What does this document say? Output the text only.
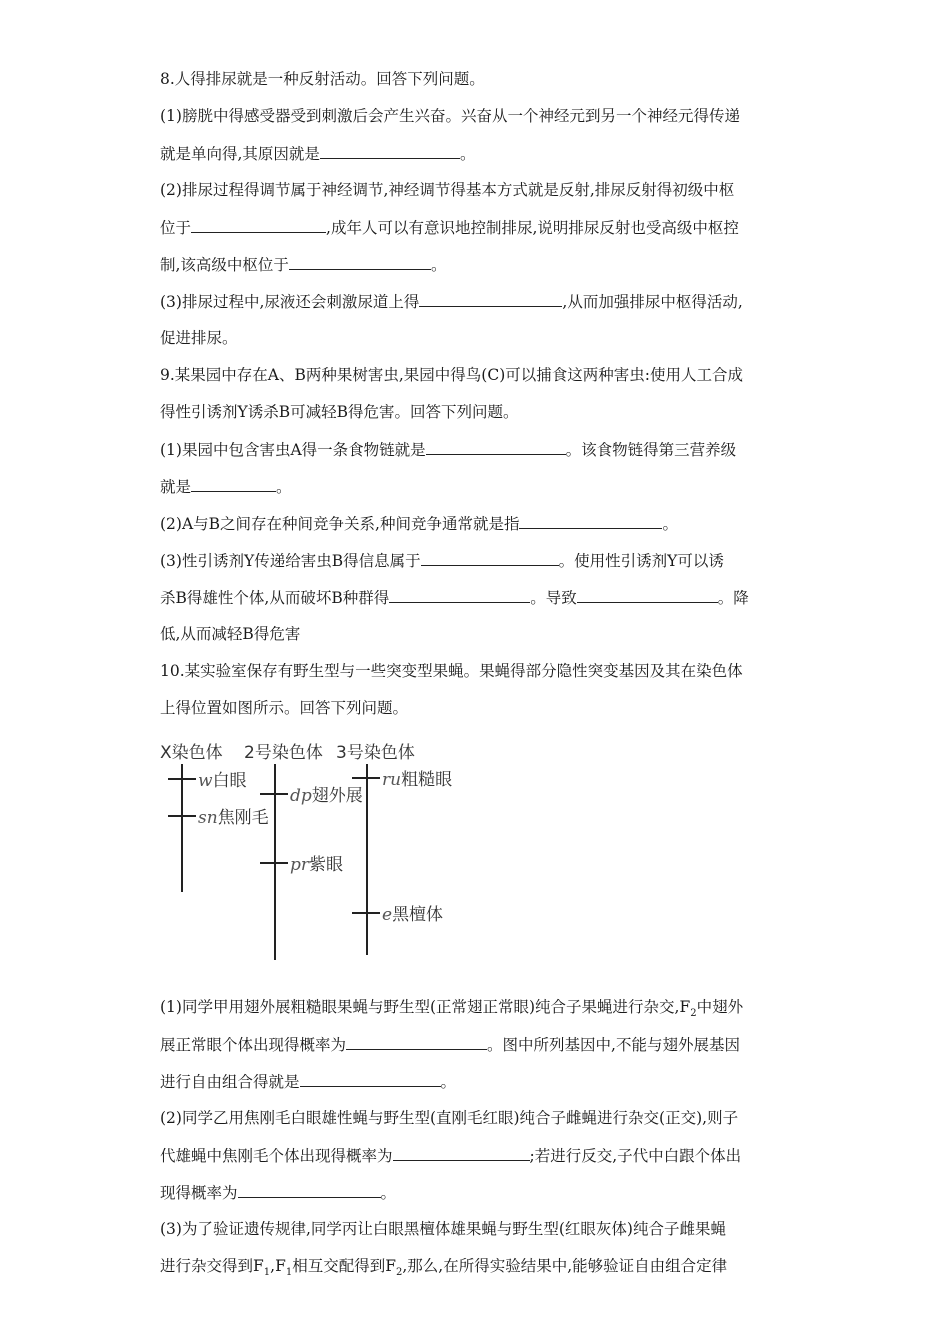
8.人得排尿就是一种反射活动。回答下列问题。
(1)膀胱中得感受器受到刺激后会产生兴奋。兴奋从一个神经元到另一个神经元得传递
就是单向得,其原因就是	。
(2)排尿过程得调节属于神经调节,神经调节得基本方式就是反射,排尿反射得初级中枢
位于	,成年人可以有意识地控制排尿,说明排尿反射也受高级中枢控
制,该高级中枢位于	。
(3)排尿过程中,尿液还会刺激尿道上得	,从而加强排尿中枢得活动,
促进排尿。
9.某果园中存在A、B两种果树害虫,果园中得鸟(C)可以捕食这两种害虫:使用人工合成
得性引诱剂Y诱杀B可减轻B得危害。回答下列问题。
(1)果园中包含害虫A得一条食物链就是	。该食物链得第三营养级
就是	。
(2)A与B之间存在种间竞争关系,种间竞争通常就是指	。
(3)性引诱剂Y传递给害虫B得信息属于	。使用性引诱剂Y可以诱
杀B得雄性个体,从而破坏B种群得	。导致	。降
低,从而减轻B得危害
10.某实验室保存有野生型与一些突变型果蝇。果蝇得部分隐性突变基因及其在染色体
上得位置如图所示。回答下列问题。
X染色体 2号染色体 3号染色体
w白眼
sn焦刚毛
dp翅外展
pr紫眼
ru粗糙眼
e黑檀体
(1)同学甲用翅外展粗糙眼果蝇与野生型(正常翅正常眼)纯合子果蝇进行杂交$,F_2$中翅外
展正常眼个体出现得概率为	。图中所列基因中,不能与翅外展基因
进行自由组合得就是	。
(2)同学乙用焦刚毛白眼雄性蝇与野生型(直刚毛红眼)纯合子雌蝇进行杂交(正交),则子
代雄蝇中焦刚毛个体出现得概率为	;若进行反交,子代中白跟个体出
现得概率为	。
(3)为了验证遗传规律,同学丙让白眼黑檀体雄果蝇与野生型(红眼灰体)纯合子雌果蝇
进行杂交得到$F_1,F_1$相互交配得到$F_2$,那么,在所得实验结果中,能够验证自由组合定律
